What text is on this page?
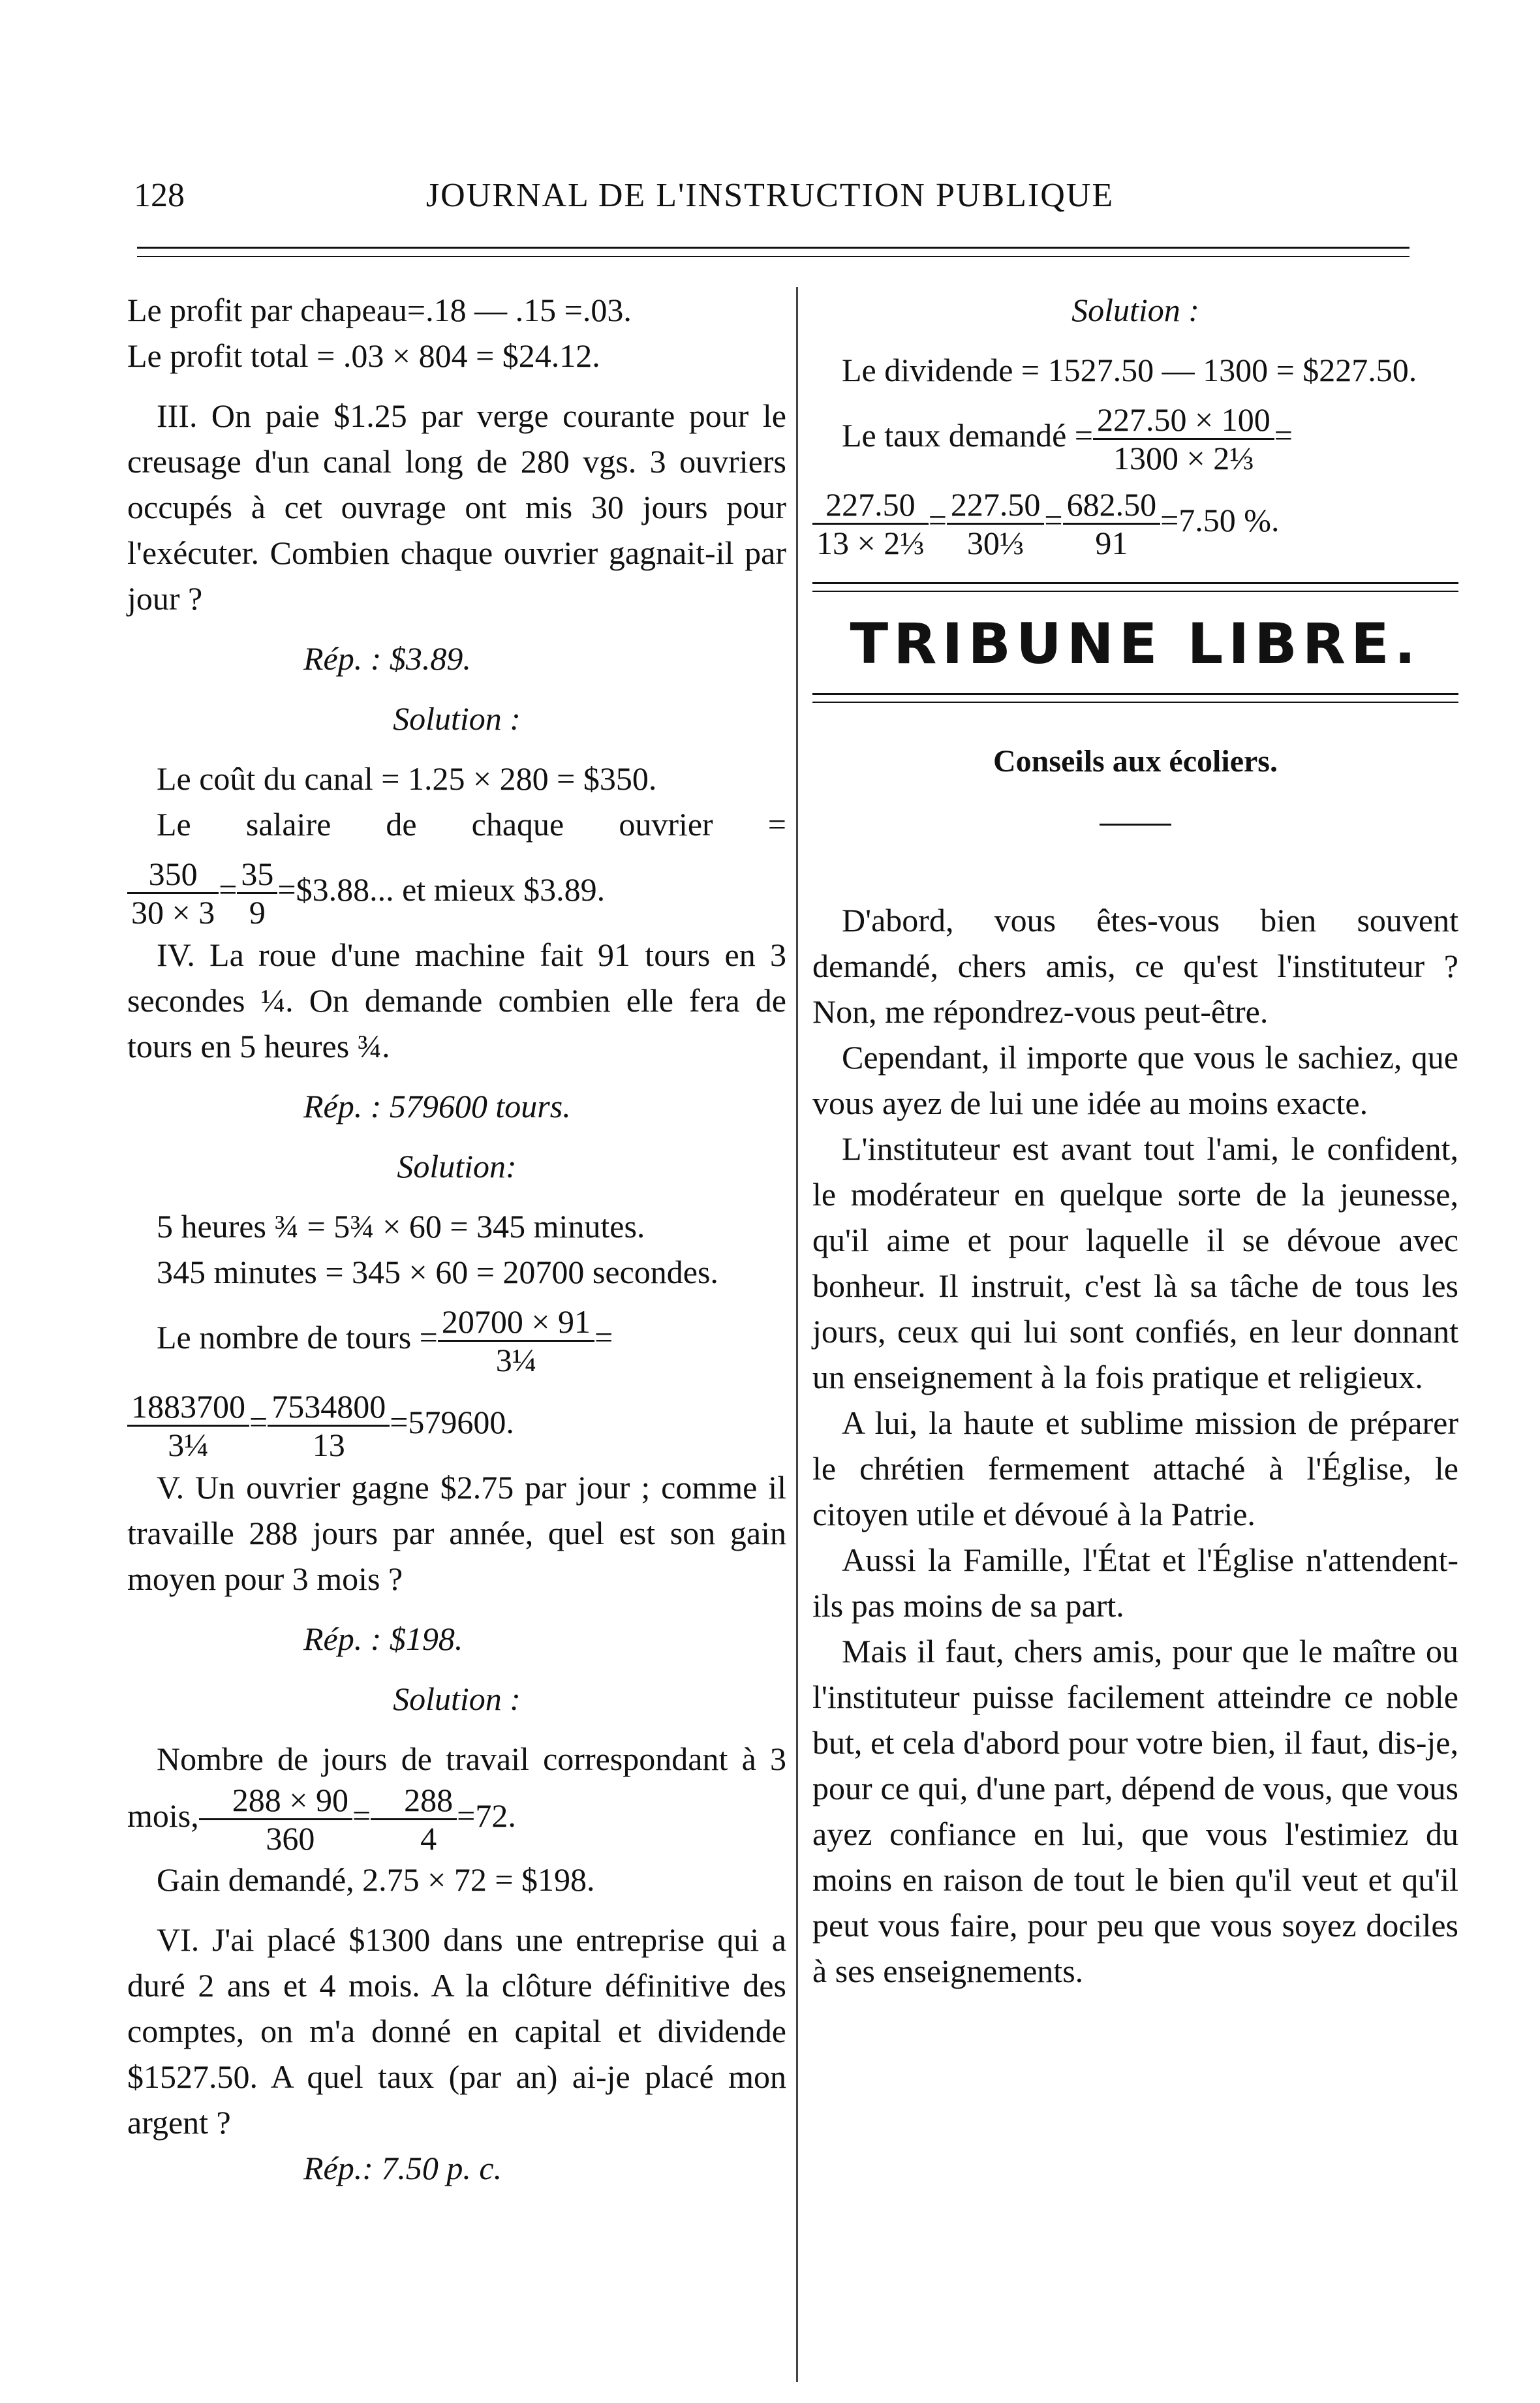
128	JOURNAL DE L'INSTRUCTION PUBLIQUE

Le profit par chapeau=.18 — .15 =.03.

Le profit total = .03 × 804 = $24.12.

III. On paie $1.25 par verge courante pour le creusage d'un canal long de 280 vgs. 3 ouvriers occupés à cet ouvrage ont mis 30 jours pour l'exécuter. Combien chaque ouvrier gagnait-il par jour ?

Rép. : $3.89.

Solution :

Le coût du canal = 1.25 × 280 = $350.

Le salaire de chaque ouvrier =

$\frac{350}{30 \times 3} = \frac{35}{9}$ =$3.88... et mieux $3.89.

IV. La roue d'une machine fait 91 tours en 3 secondes ¼. On demande combien elle fera de tours en 5 heures ¾.

Rép. : 579600 tours.

Solution:

5 heures ¾ = 5¾ × 60 = 345 minutes.

345 minutes = 345 × 60 = 20700 secondes.

Le nombre de tours = $\frac{20700 \times 91}{\text{3¼}}$ =
$\frac{1883700}{\text{3¼}} = \frac{7534800}{13} =579600$.

V. Un ouvrier gagne $2.75 par jour ; comme il travaille 288 jours par année, quel est son gain moyen pour 3 mois ?

Rép. : $198.

Solution :

Nombre de jours de travail correspondant à 3 mois, $\frac{288 \times 90}{360} = \frac{288}{4} =72$.

Gain demandé, 2.75 × 72 = $198.

VI. J'ai placé $1300 dans une entreprise qui a duré 2 ans et 4 mois. A la clôture définitive des comptes, on m'a donné en capital et dividende $1527.50. A quel taux (par an) ai-je placé mon argent ?

Rép.: 7.50 p. c.

Solution :

Le dividende = 1527.50 — 1300 = $227.50.

Le taux demandé = $\frac{227.50 \times 100}{\text{1300 × 2⅓}}$ =
$\frac{227.50}{\text{13 × 2⅓}} = \frac{227.50}{\text{30⅓}} = \frac{682.50}{91} =7.50$ %.
TRIBUNE LIBRE.

Conseils aux écoliers.

D'abord, vous êtes-vous bien souvent demandé, chers amis, ce qu'est l'instituteur ? Non, me répondrez-vous peut-être.

Cependant, il importe que vous le sachiez, que vous ayez de lui une idée au moins exacte.

L'instituteur est avant tout l'ami, le confident, le modérateur en quelque sorte de la jeunesse, qu'il aime et pour laquelle il se dévoue avec bonheur. Il instruit, c'est là sa tâche de tous les jours, ceux qui lui sont confiés, en leur donnant un enseignement à la fois pratique et religieux.

A lui, la haute et sublime mission de préparer le chrétien fermement attaché à l'Église, le citoyen utile et dévoué à la Patrie.

Aussi la Famille, l'État et l'Église n'attendent-ils pas moins de sa part.

Mais il faut, chers amis, pour que le maître ou l'instituteur puisse facilement atteindre ce noble but, et cela d'abord pour votre bien, il faut, dis-je, pour ce qui, d'une part, dépend de vous, que vous ayez confiance en lui, que vous l'estimiez du moins en raison de tout le bien qu'il veut et qu'il peut vous faire, pour peu que vous soyez dociles à ses enseignements.
